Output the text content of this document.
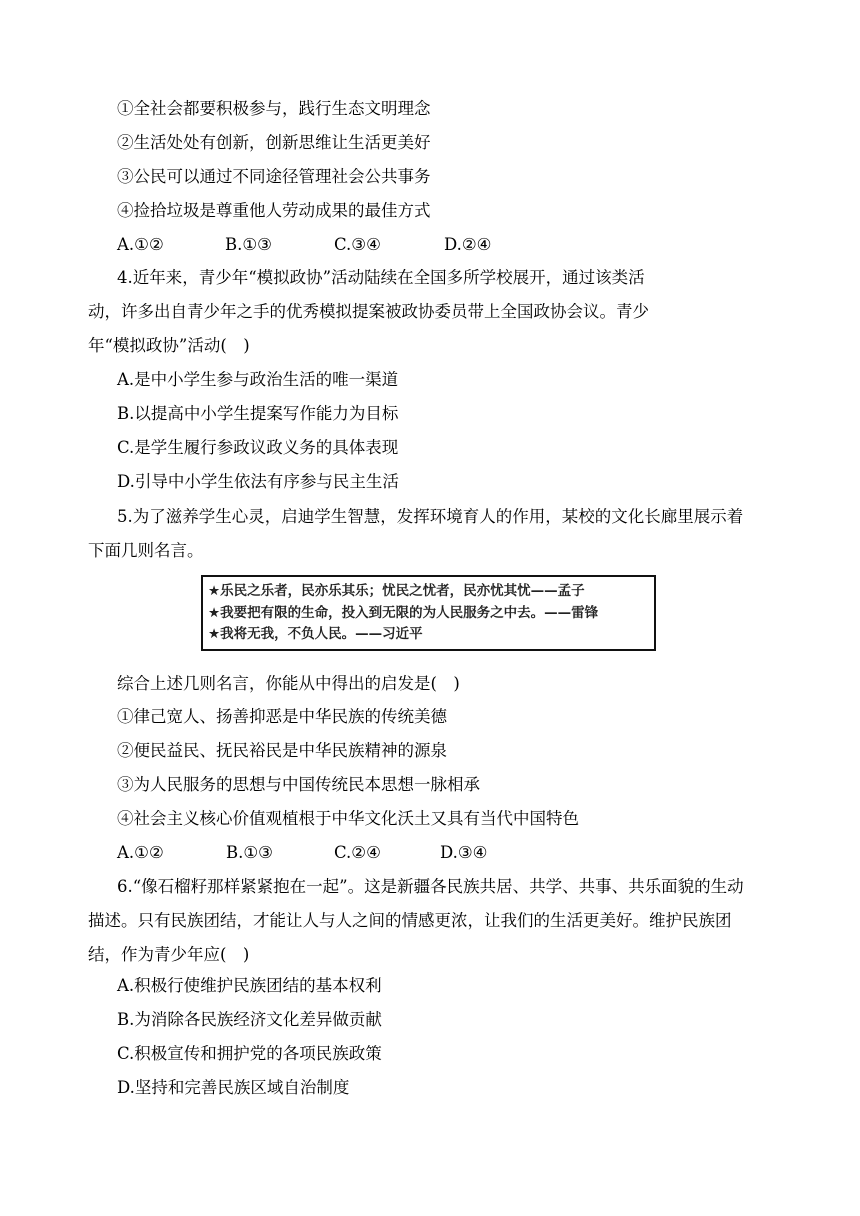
①全社会都要积极参与，践行生态文明理念
②生活处处有创新，创新思维让生活更美好
③公民可以通过不同途径管理社会公共事务
④捡拾垃圾是尊重他人劳动成果的最佳方式
A.①②	B.①③	C.③④	D.②④
4.近年来，青少年“模拟政协”活动陆续在全国多所学校展开，通过该类活
动，许多出自青少年之手的优秀模拟提案被政协委员带上全国政协会议。青少
年“模拟政协”活动(　)
A.是中小学生参与政治生活的唯一渠道
B.以提高中小学生提案写作能力为目标
C.是学生履行参政议政义务的具体表现
D.引导中小学生依法有序参与民主生活
5.为了滋养学生心灵，启迪学生智慧，发挥环境育人的作用，某校的文化长廊里展示着
下面几则名言。
★乐民之乐者，民亦乐其乐；忧民之忧者，民亦忧其忧——孟子
★我要把有限的生命，投入到无限的为人民服务之中去。——雷锋
★我将无我，不负人民。——习近平
综合上述几则名言，你能从中得出的启发是(　)
①律己宽人、扬善抑恶是中华民族的传统美德
②便民益民、抚民裕民是中华民族精神的源泉
③为人民服务的思想与中国传统民本思想一脉相承
④社会主义核心价值观植根于中华文化沃土又具有当代中国特色
A.①②	B.①③	C.②④	D.③④
6.“像石榴籽那样紧紧抱在一起”。这是新疆各民族共居、共学、共事、共乐面貌的生动
描述。只有民族团结，才能让人与人之间的情感更浓，让我们的生活更美好。维护民族团
结，作为青少年应(　)
A.积极行使维护民族团结的基本权利
B.为消除各民族经济文化差异做贡献
C.积极宣传和拥护党的各项民族政策
D.坚持和完善民族区域自治制度
